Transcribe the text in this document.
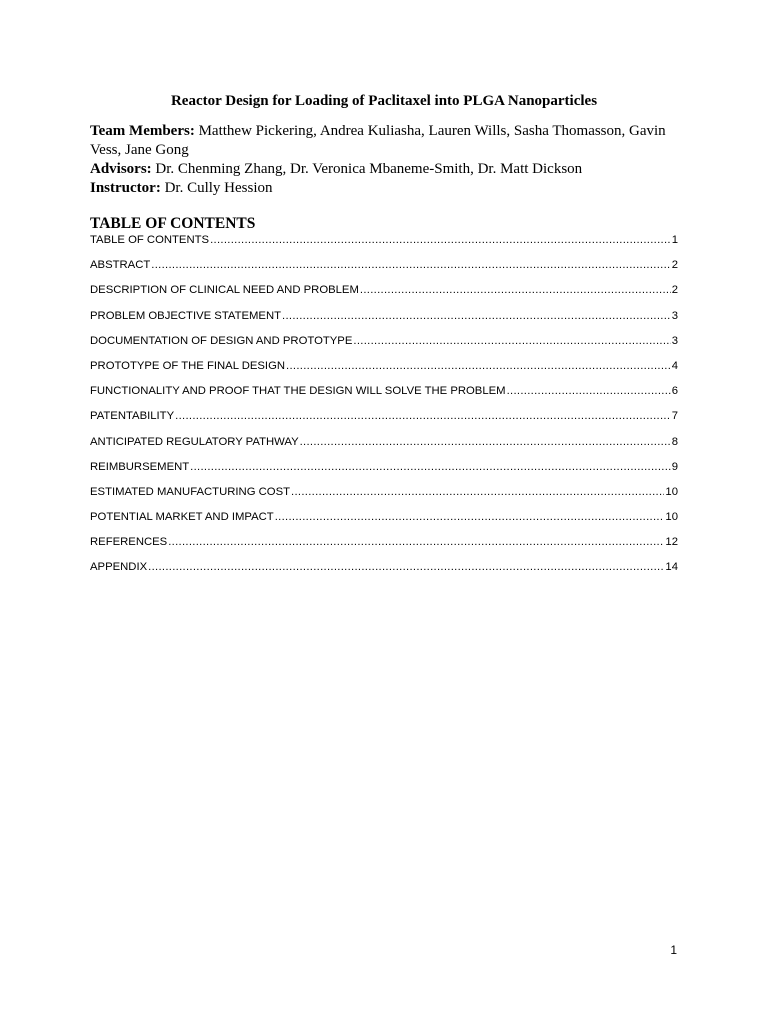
Reactor Design for Loading of Paclitaxel into PLGA Nanoparticles
Team Members: Matthew Pickering, Andrea Kuliasha, Lauren Wills, Sasha Thomasson, Gavin Vess, Jane Gong
Advisors: Dr. Chenming Zhang, Dr. Veronica Mbaneme-Smith, Dr. Matt Dickson
Instructor: Dr. Cully Hession
TABLE OF CONTENTS
TABLE OF CONTENTS .....	1
ABSTRACT .....	2
DESCRIPTION OF CLINICAL NEED AND PROBLEM .....	2
PROBLEM OBJECTIVE STATEMENT .....	3
DOCUMENTATION OF DESIGN AND PROTOTYPE .....	3
PROTOTYPE OF THE FINAL DESIGN .....	4
FUNCTIONALITY AND PROOF THAT THE DESIGN WILL SOLVE THE PROBLEM .....	6
PATENTABILITY .....	7
ANTICIPATED REGULATORY PATHWAY .....	8
REIMBURSEMENT .....	9
ESTIMATED MANUFACTURING COST .....	10
POTENTIAL MARKET AND IMPACT .....	10
REFERENCES .....	12
APPENDIX .....	14
1
